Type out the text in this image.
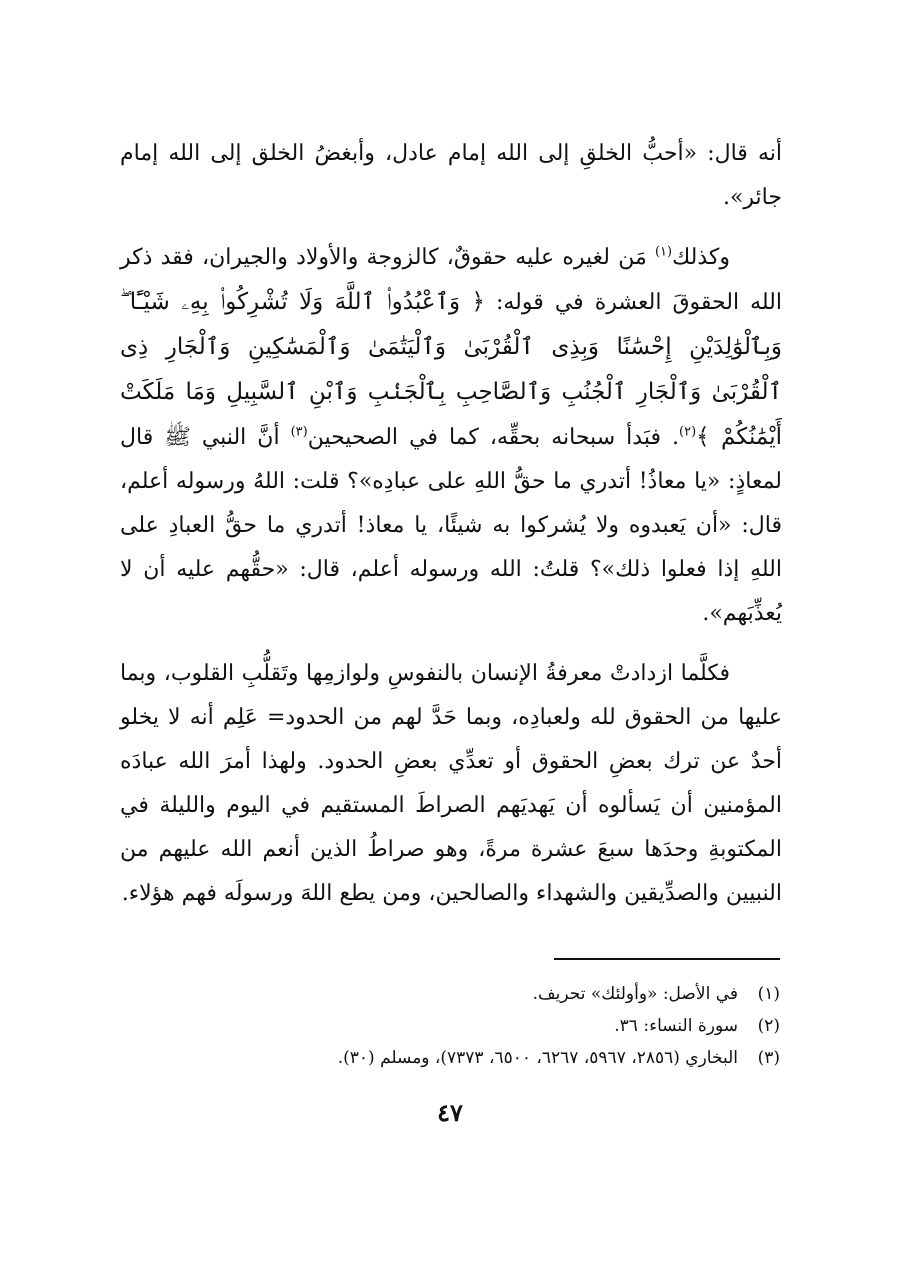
أنه قال: «أحبُّ الخلقِ إلى الله إمام عادل، وأبغضُ الخلق إلى الله إمام جائر».

وكذلك$^{(١)}$ مَن لغيره عليه حقوقٌ، كالزوجة والأولاد والجيران، فقد ذكر الله الحقوقَ العشرة في قوله: ﴿ وَٱعْبُدُوا۟ ٱللَّهَ وَلَا تُشْرِكُوا۟ بِهِۦ شَيْـًٔا ۖ وَبِٱلْوَٰلِدَيْنِ إِحْسَٰنًا وَبِذِى ٱلْقُرْبَىٰ وَٱلْيَتَٰمَىٰ وَٱلْمَسَٰكِينِ وَٱلْجَارِ ذِى ٱلْقُرْبَىٰ وَٱلْجَارِ ٱلْجُنُبِ وَٱلصَّاحِبِ بِٱلْجَنۢبِ وَٱبْنِ ٱلسَّبِيلِ وَمَا مَلَكَتْ أَيْمَٰنُكُمْ ﴾$^{(٢)}$. فبَدأ سبحانه بحقِّه، كما في الصحيحين$^{(٣)}$ أنَّ النبي ﷺ قال لمعاذٍ: «يا معاذُ! أتدري ما حقُّ اللهِ على عبادِه»؟ قلت: اللهُ ورسوله أعلم، قال: «أن يَعبدوه ولا يُشركوا به شيئًا، يا معاذ! أتدري ما حقُّ العبادِ على اللهِ إذا فعلوا ذلك»؟ قلتُ: الله ورسوله أعلم، قال: «حقُّهم عليه أن لا يُعذِّبَهم».

فكلَّما ازدادتْ معرفةُ الإنسان بالنفوسِ ولوازمِها وتَقلُّبِ القلوب، وبما عليها من الحقوق لله ولعبادِه، وبما حَدَّ لهم من الحدود= عَلِم أنه لا يخلو أحدٌ عن ترك بعضِ الحقوق أو تعدِّي بعضِ الحدود. ولهذا أمرَ الله عبادَه المؤمنين أن يَسألوه أن يَهديَهم الصراطَ المستقيم في اليوم والليلة في المكتوبةِ وحدَها سبعَ عشرة مرةً، وهو صراطُ الذين أنعم الله عليهم من النبيين والصدِّيقين والشهداء والصالحين، ومن يطع اللهَ ورسولَه فهم هؤلاء.

(١)
في الأصل: «وأولئك» تحريف.
(٢)
سورة النساء: ٣٦.
(٣)
البخاري (٢٨٥٦، ٥٩٦٧، ٦٢٦٧، ٦٥٠٠، ٧٣٧٣)، ومسلم (٣٠).
٤٧
